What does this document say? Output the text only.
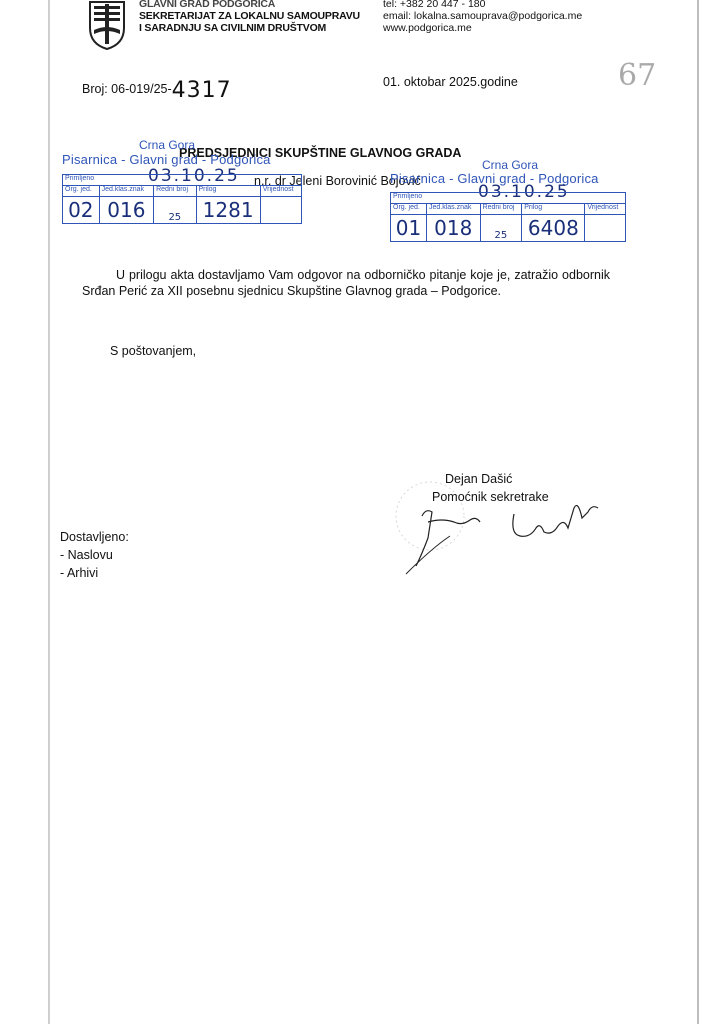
GLAVNI GRAD PODGORICA
SEKRETARIJAT ZA LOKALNU SAMOUPRAVU
I SARADNJU SA CIVILNIM DRUŠTVOM
tel: +382 20 447 - 180
email: lokalna.samouprava@podgorica.me
www.podgorica.me
Broj: 06-019/25-4317	01. oktobar 2025.godine	67
PREDSJEDNICI SKUPŠTINE GLAVNOG GRADA
n.r. dr Jeleni Borovinić Bojović
Crna Gora
Pisarnica - Glavni grad - Podgorica
03.10.25
Primljeno				
Org. jed.	Jed.klas.znak	Redni broj	Prilog	Vrijednost
02	016	25	1281	
Crna Gora
Pisarnica - Glavni grad - Podgorica
03.10.25
Primljeno				
Org. jed.	Jed.klas.znak	Redni broj	Prilog	Vrijednost
01	018	25	6408	
U prilogu akta dostavljamo Vam odgovor na odborničko pitanje koje je, zatražio odbornik Srđan Perić za XII posebnu sjednicu Skupštine Glavnog grada – Podgorice.
S poštovanjem,
Dejan Dašić
Pomoćnik sekretrake
Dostavljeno:
- Naslovu
- Arhivi
